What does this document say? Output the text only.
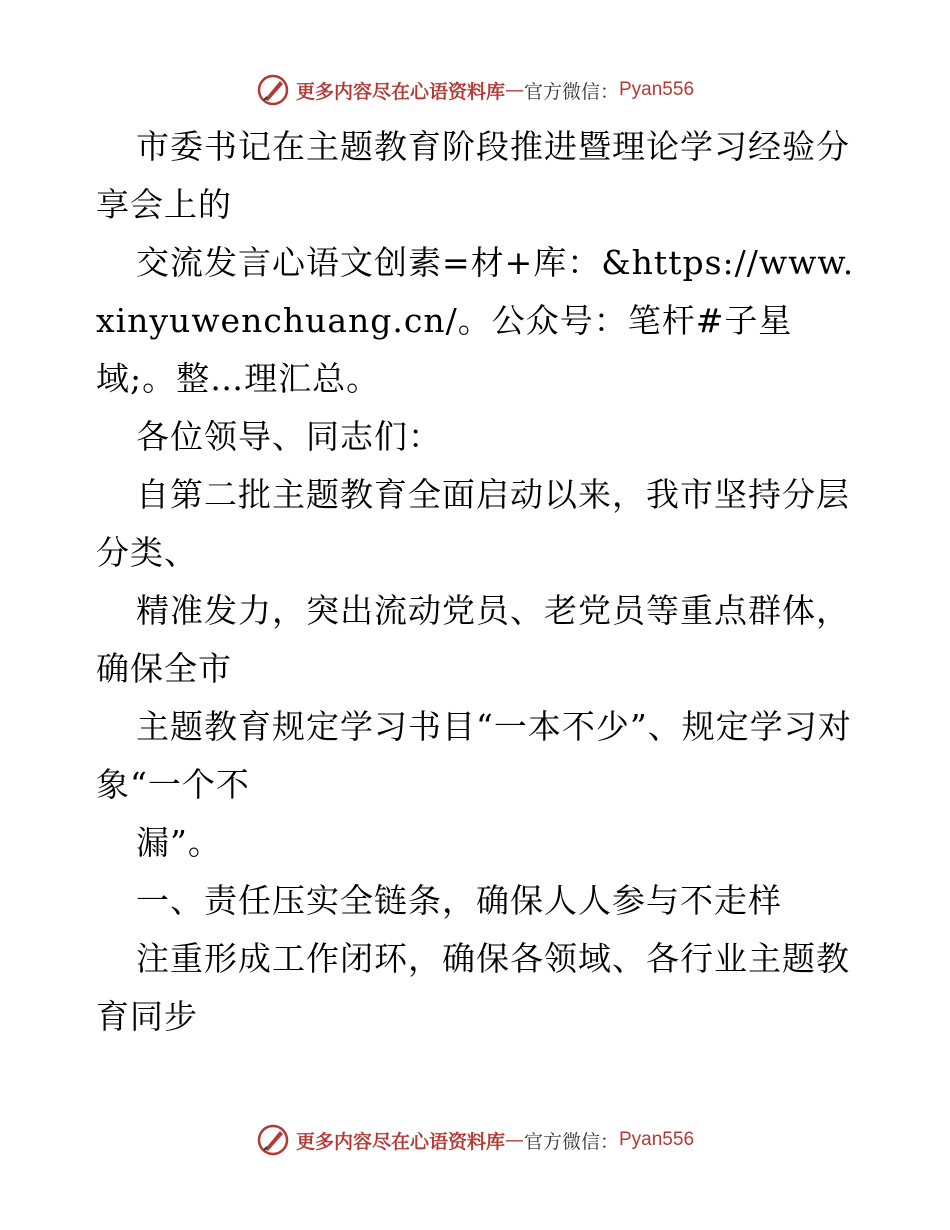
更多内容尽在心语资料库 — 官方微信： Pyan556

市委书记在主题教育阶段推进暨理论学习经验分享会上的

交流发言心语文创素=材+库：&https://www.xinyuwenchuang.cn/。公众号：笔杆#子星域;。整…理汇总。

各位领导、同志们：

自第二批主题教育全面启动以来，我市坚持分层分类、

精准发力，突出流动党员、老党员等重点群体，确保全市

主题教育规定学习书目“一本不少”、规定学习对象“一个不

漏”。

一、责任压实全链条，确保人人参与不走样

注重形成工作闭环，确保各领域、各行业主题教育同步

更多内容尽在心语资料库 — 官方微信： Pyan556
